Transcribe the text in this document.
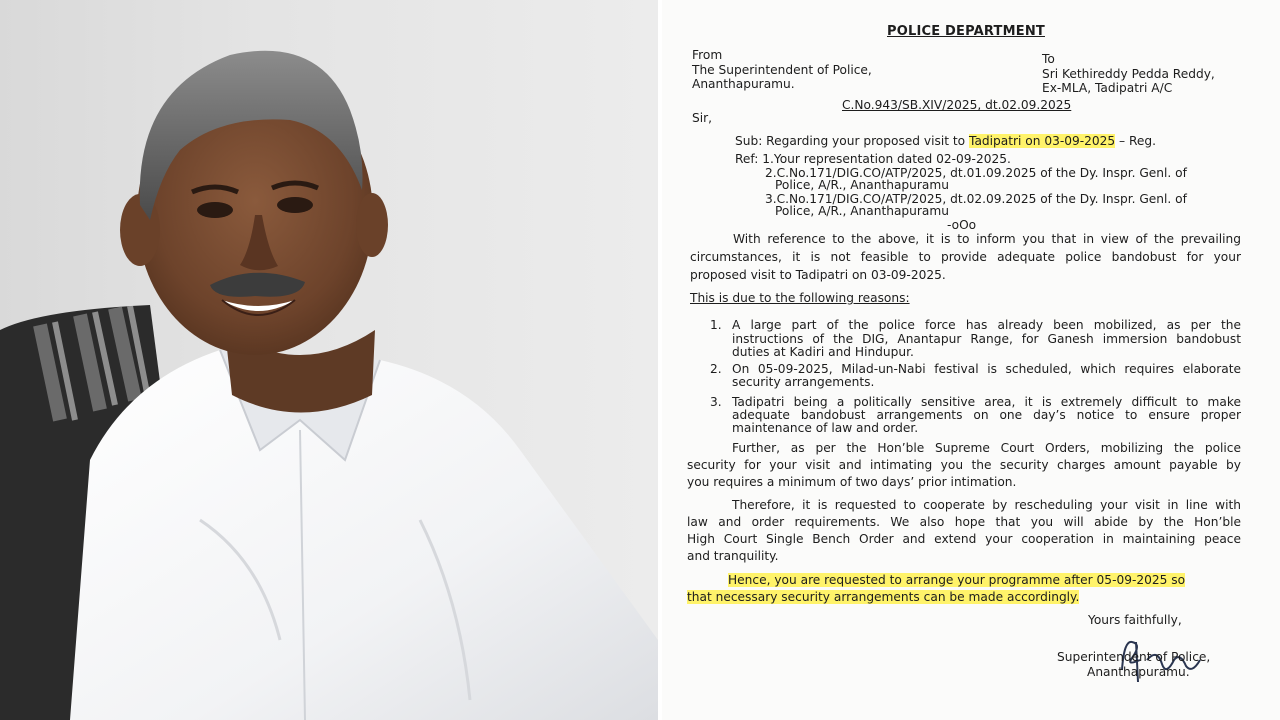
POLICE DEPARTMENT
From
The Superintendent of Police,
Ananthapuramu.
To
Sri Kethireddy Pedda Reddy,
Ex-MLA, Tadipatri A/C
C.No.943/SB.XIV/2025, dt.02.09.2025
Sir,
Sub: Regarding your proposed visit to Tadipatri on 03-09-2025 – Reg.
Ref: 1.Your representation dated 02-09-2025.
2.C.No.171/DIG.CO/ATP/2025, dt.01.09.2025 of the Dy. Inspr. Genl. of
Police, A/R., Ananthapuramu
3.C.No.171/DIG.CO/ATP/2025, dt.02.09.2025 of the Dy. Inspr. Genl. of
Police, A/R., Ananthapuramu
-oOo
With reference to the above, it is to inform you that in view of the prevailing
circumstances, it is not feasible to provide adequate police bandobust for your
proposed visit to Tadipatri on 03-09-2025.
This is due to the following reasons:
1. A large part of the police force has already been mobilized, as per the
instructions of the DIG, Anantapur Range, for Ganesh immersion bandobust
duties at Kadiri and Hindupur.
2. On 05-09-2025, Milad-un-Nabi festival is scheduled, which requires elaborate
security arrangements.
3. Tadipatri being a politically sensitive area, it is extremely difficult to make
adequate bandobust arrangements on one day’s notice to ensure proper
maintenance of law and order.
Further, as per the Hon’ble Supreme Court Orders, mobilizing the police
security for your visit and intimating you the security charges amount payable by
you requires a minimum of two days’ prior intimation.
Therefore, it is requested to cooperate by rescheduling your visit in line with
law and order requirements. We also hope that you will abide by the Hon’ble
High Court Single Bench Order and extend your cooperation in maintaining peace
and tranquility.
Hence, you are requested to arrange your programme after 05-09-2025 so
that necessary security arrangements can be made accordingly.
Yours faithfully,
Superintendent of Police,
Ananthapuramu.
